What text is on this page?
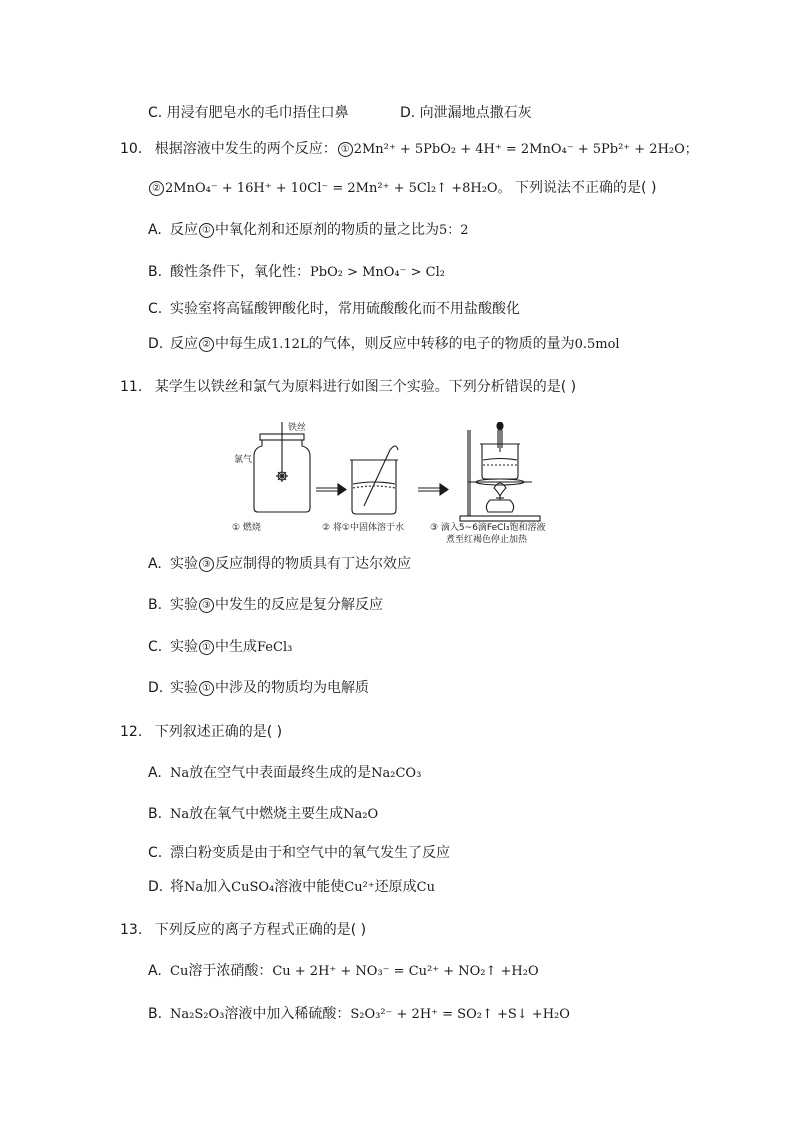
C. 用浸有肥皂水的毛巾捂住口鼻	D. 向泄漏地点撒石灰
10. 根据溶液中发生的两个反应： ① 2Mn²⁺ + 5PbO₂ + 4H⁺ = 2MnO₄⁻ + 5Pb²⁺ + 2H₂O；
② 2MnO₄⁻ + 16H⁺ + 10Cl⁻ = 2Mn²⁺ + 5Cl₂↑ +8H₂O。 下列说法不正确的是( )
A. 反应 ① 中氧化剂和还原剂的物质的量之比为5：2
B. 酸性条件下，氧化性：PbO₂ > MnO₄⁻ > Cl₂
C. 实验室将高锰酸钾酸化时，常用硫酸酸化而不用盐酸酸化
D. 反应 ② 中每生成1.12L的气体，则反应中转移的电子的物质的量为0.5mol
11. 某学生以铁丝和氯气为原料进行如图三个实验。下列分析错误的是( )
铁丝
氯气
① 燃烧	② 将①中固体溶于水	③ 滴入5~6滴FeCl₃饱和溶液
煮至红褐色停止加热
A. 实验 ③ 反应制得的物质具有丁达尔效应
B. 实验 ③ 中发生的反应是复分解反应
C. 实验 ① 中生成FeCl₃
D. 实验 ① 中涉及的物质均为电解质
12. 下列叙述正确的是( )
A. Na放在空气中表面最终生成的是Na₂CO₃
B. Na放在氧气中燃烧主要生成Na₂O
C. 漂白粉变质是由于和空气中的氧气发生了反应
D. 将Na加入CuSO₄溶液中能使Cu²⁺还原成Cu
13. 下列反应的离子方程式正确的是( )
A. Cu溶于浓硝酸：Cu + 2H⁺ + NO₃⁻ = Cu²⁺ + NO₂↑ +H₂O
B. Na₂S₂O₃溶液中加入稀硫酸：S₂O₃²⁻ + 2H⁺ = SO₂↑ +S↓ +H₂O
